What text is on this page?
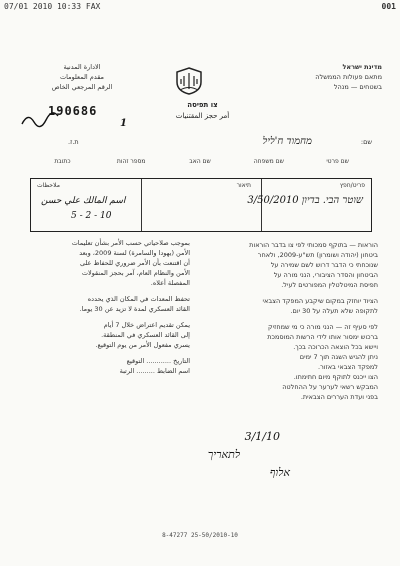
07/01 2010 10:33 FAX	001
الادارة المدنية
مقدم المعلومات
الرقم المرجعي الخاص
מדינת ישראל
מתאם פעולות הממשלה
בשטחים — מנהל
190686	צו תפיסה
أمر حجز المقتنيات
1
שם:
מחמוד ח'ליל
ת.ז.
שם פרטי
שם משפחה
שם האב
מספר זהות
כתובת
פריט/חפץ
תיאור
ملاحظات
שוטר הבי. בדיון 3/50/2010
اسم المالك علي حسن
5 - 2 - 10
הוראות — בתוקף סמכותי לפי צו בדבר הוראות
ביטחון (יהודה ושומרון) תש"ע-2009, ולאחר
שנוכחתי כי הדבר דרוש לשם שמירה על
הביטחון והסדר הציבורי, הנני מורה על
תפיסת המיטלטלין המפורטים לעיל.
הציוד יוחזק במקום שיקבע המפקד הצבאי
לתקופה שלא תעלה על 30 יום.
לפי סעיף זה — הנני מורה כי מי שמחזיק
ברכוש ימסור אותו לידי הרשות המוסמכת
ויישא בכל הוצאה הכרוכה בכך.
ניתן להגיש השגה תוך 7 ימים
למפקד הצבאי באזור.
הצו ייכנס לתוקף מיום חתימתו.
המבקש רשאי לערער על ההחלטה
בפני ועדת העררים הצבאית.
بموجب صلاحياتي حسب الأمر بشأن تعليمات
الأمن (يهودا والسامرة) لسنة 2009، وبعد
أن اقتنعت بأن الأمر ضروري للحفاظ على
الأمن والنظام العام، آمر بحجز المنقولات
المفصلة أعلاه.
تحفظ المعدات في المكان الذي يحدده
القائد العسكري لمدة لا تزيد عن 30 يوما.
يمكن تقديم اعتراض خلال 7 أيام
إلى القائد العسكري في المنطقة.
يسري مفعول الأمر من يوم التوقيع.
التاريخ ............ التوقيع
اسم الضابط ......... الرتبة
3/1/10
לתאריך
אלוף
8-47277 25-50/2010-10
